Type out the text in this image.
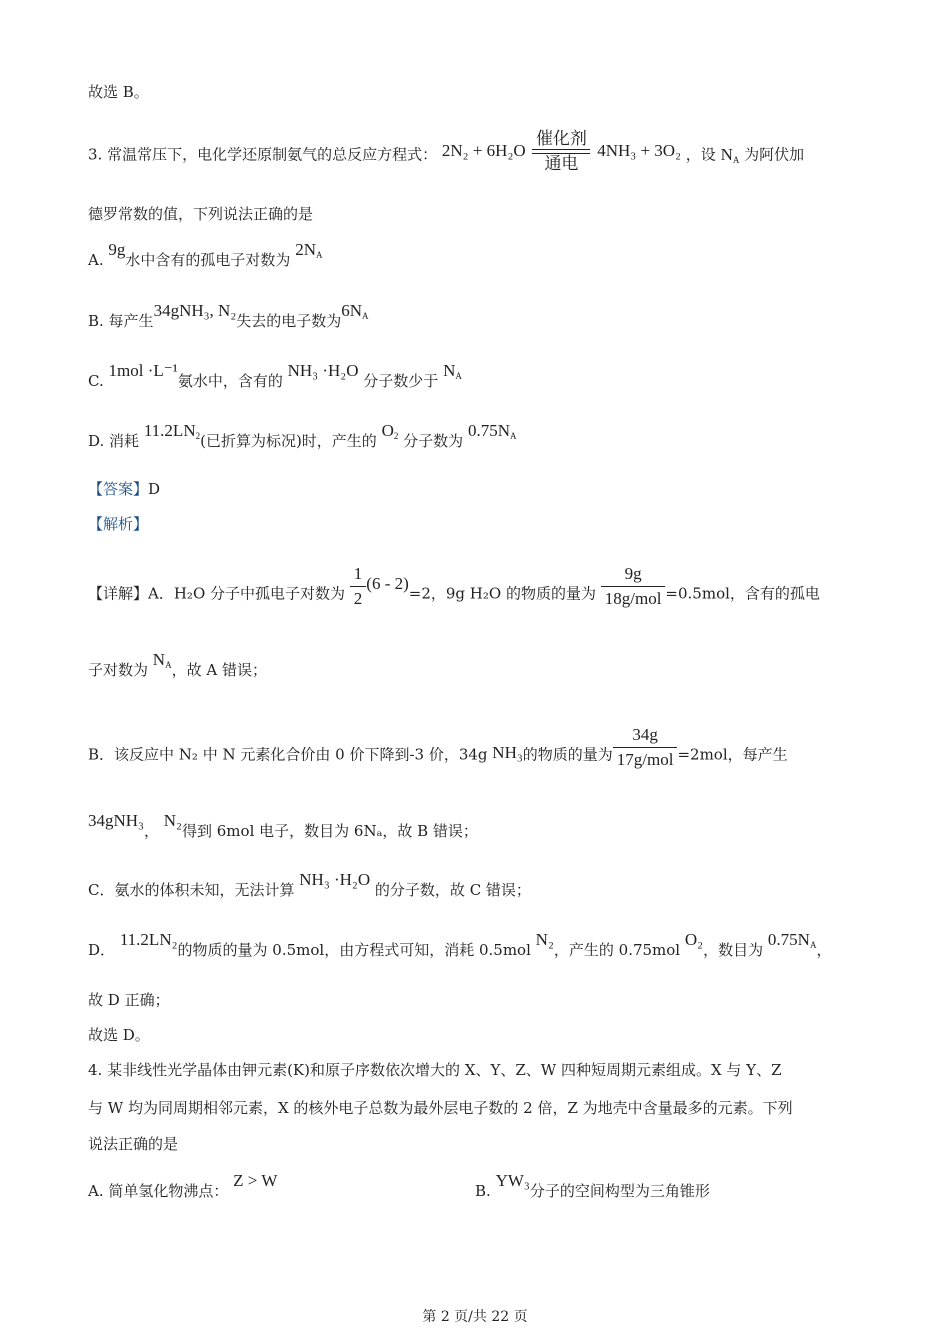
故选 B。
3. 常温常压下，电化学还原制氨气的总反应方程式： 2N₂ + 6H₂O
催化剂
通电
4NH₃ + 3O₂ ，设 $N_A$ 为阿伏加
德罗常数的值，下列说法正确的是
A. 9g水中含有的孤电子对数为 $2N_A$
B. 每产生34gNH₃, N₂失去的电子数为$6N_A$
C. 1mol ·L⁻¹氨水中，含有的 NH₃ ·H₂O 分子数少于 $N_A$
D. 消耗 $11.2LN_2$(已折算为标况)时，产生的 $O_2$ 分子数为 $0.75N_A$
【答案】D
【解析】
【详解】A．H₂O 分子中孤电子对数为 $\frac{1}{2} (6 - 2)=2$，9g H₂O 的物质的量为 $\frac{9g}{\text{18g/mol}} =0.5mol$，含有的孤电
子对数为 $N_A$，故 A 错误；
B．该反应中 N₂ 中 N 元素化合价由 0 价下降到-3 价，34g NH₃的物质的量为 $\frac{34g}{\text{17g/mol}} =2mol$，每产生
34gNH₃， N₂得到 6mol 电子，数目为 6Nₐ，故 B 错误；
C．氨水的体积未知，无法计算 NH₃ ·H₂O 的分子数，故 C 错误；
D． 11.2LN₂的物质的量为 0.5mol，由方程式可知，消耗 0.5mol N₂，产生的 0.75mol O₂，数目为 $0.75N_A$，
故 D 正确；
故选 D。
4. 某非线性光学晶体由钾元素(K)和原子序数依次增大的 X、Y、Z、W 四种短周期元素组成。X 与 Y、Z
与 W 均为同周期相邻元素，X 的核外电子总数为最外层电子数的 2 倍，Z 为地壳中含量最多的元素。下列
说法正确的是
A. 简单氢化物沸点： Z > W
B. YW₃分子的空间构型为三角锥形
第 2 页/共 22 页
